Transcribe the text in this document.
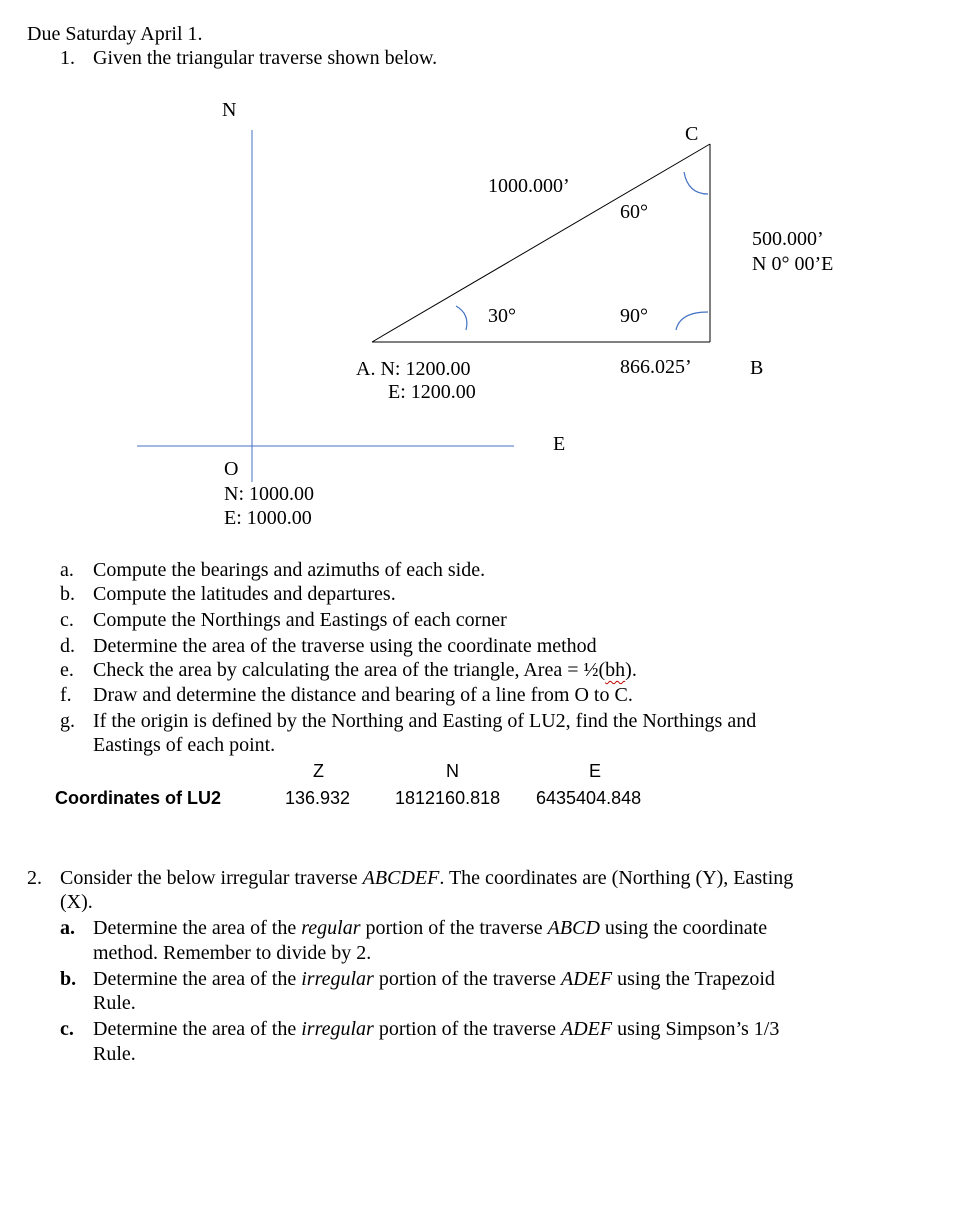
Due Saturday April 1.
1. Given the triangular traverse shown below.
N
C
1000.000’
60°
500.000’
N 0° 00’E
30°	90°
A. N: 1200.00
E: 1200.00
866.025’	B
E
O
N: 1000.00
E: 1000.00
a. Compute the bearings and azimuths of each side.
b. Compute the latitudes and departures.
c. Compute the Northings and Eastings of each corner
d. Determine the area of the traverse using the coordinate method
e. Check the area by calculating the area of the triangle, Area = ½(bh).
f. Draw and determine the distance and bearing of a line from O to C.
g. If the origin is defined by the Northing and Easting of LU2, find the Northings and
Eastings of each point.
Z	N	E
Coordinates of LU2	136.932 1812160.818 6435404.848
2. Consider the below irregular traverse ABCDEF. The coordinates are (Northing (Y), Easting
(X).
a. Determine the area of the regular portion of the traverse ABCD using the coordinate
method. Remember to divide by 2.
b. Determine the area of the irregular portion of the traverse ADEF using the Trapezoid
Rule.
c. Determine the area of the irregular portion of the traverse ADEF using Simpson’s 1/3
Rule.
